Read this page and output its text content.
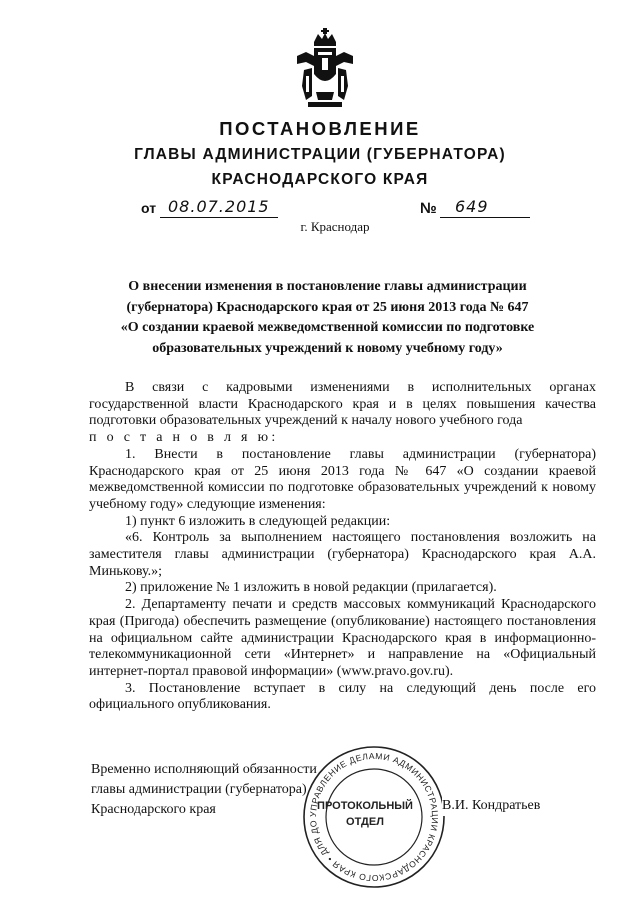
ПОСТАНОВЛЕНИЕ
ГЛАВЫ АДМИНИСТРАЦИИ (ГУБЕРНАТОРА)
КРАСНОДАРСКОГО КРАЯ
от 08.07.2015	№ 649
г. Краснодар
О внесении изменения в постановление главы администрации
(губернатора) Краснодарского края от 25 июня 2013 года № 647
«О создании краевой межведомственной комиссии по подготовке
образовательных учреждений к новому учебному году»

В связи с кадровыми изменениями в исполнительных органах государственной власти Краснодарского края и в целях повышения качества подготовки образовательных учреждений к началу нового учебного года

п о с т а н о в л я ю:

1. Внести в постановление главы администрации (губернатора) Краснодарского края от 25 июня 2013 года № 647 «О создании краевой межведомственной комиссии по подготовке образовательных учреждений к новому учебному году» следующие изменения:

1) пункт 6 изложить в следующей редакции:

«6. Контроль за выполнением настоящего постановления возложить на заместителя главы администрации (губернатора) Краснодарского края А.А. Минькову.»;

2) приложение № 1 изложить в новой редакции (прилагается).

2. Департаменту печати и средств массовых коммуникаций Краснодарского края (Пригода) обеспечить размещение (опубликование) настоящего постановления на официальном сайте администрации Краснодарского края в информационно-телекоммуникационной сети «Интернет» и направление на «Официальный интернет-портал правовой информации» (www.pravo.gov.ru).

3. Постановление вступает в силу на следующий день после его официального опубликования.

Временно исполняющий обязанности
главы администрации (губернатора)
Краснодарского края	УПРАВЛЕНИЕ ДЕЛАМИ АДМИНИСТРАЦИИ КРАСНОДАРСКОГО КРАЯ • ДЛЯ ДО
ПРОТОКОЛЬНЫЙ
ОТДЕЛ
В.И. Кондратьев
